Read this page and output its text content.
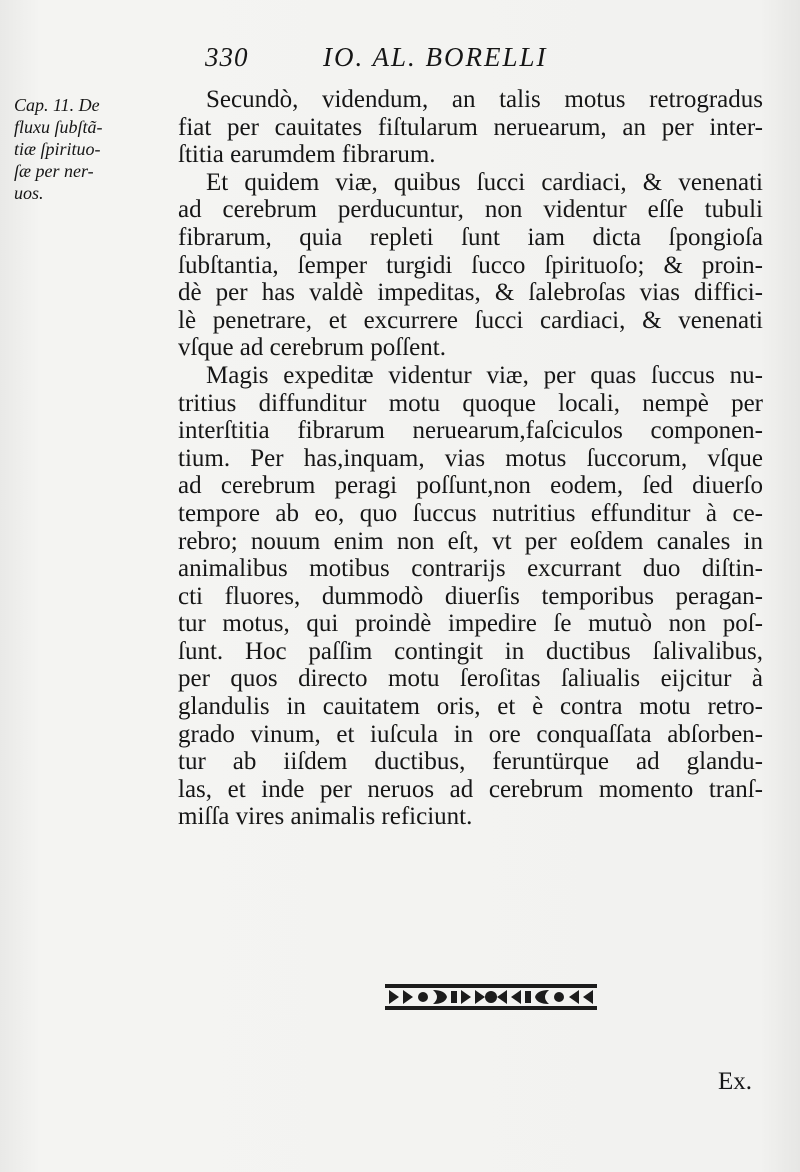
330	IO. AL. BORELLI
Cap. 11. De
fluxu ſubſtã-
tiæ ſpirituo-
ſæ per ner-
uos.
Secundò, videndum, an talis motus retrogradus
fiat per cauitates fiſtularum neruearum, an per inter-
ſtitia earumdem fibrarum.
Et quidem viæ, quibus ſucci cardiaci, & venenati
ad cerebrum perducuntur, non videntur eſſe tubuli
fibrarum, quia repleti ſunt iam dicta ſpongioſa
ſubſtantia, ſemper turgidi ſucco ſpirituoſo; & proin-
dè per has valdè impeditas, & ſalebroſas vias diffici-
lè penetrare, et excurrere ſucci cardiaci, & venenati
vſque ad cerebrum poſſent.
Magis expeditæ videntur viæ, per quas ſuccus nu-
tritius diffunditur motu quoque locali, nempè per
interſtitia fibrarum neruearum,faſciculos componen-
tium. Per has,inquam, vias motus ſuccorum, vſque
ad cerebrum peragi poſſunt,non eodem, ſed diuerſo
tempore ab eo, quo ſuccus nutritius effunditur à ce-
rebro; nouum enim non eſt, vt per eoſdem canales in
animalibus motibus contrarijs excurrant duo diſtin-
cti fluores, dummodò diuerſis temporibus peragan-
tur motus, qui proindè impedire ſe mutuò non poſ-
ſunt. Hoc paſſim contingit in ductibus ſalivalibus,
per quos directo motu ſeroſitas ſaliualis eijcitur à
glandulis in cauitatem oris, et è contra motu retro-
grado vinum, et iuſcula in ore conquaſſata abſorben-
tur ab iiſdem ductibus, feruntürque ad glandu-
las, et inde per neruos ad cerebrum momento tranſ-
miſſa vires animalis reficiunt.
Ex.
